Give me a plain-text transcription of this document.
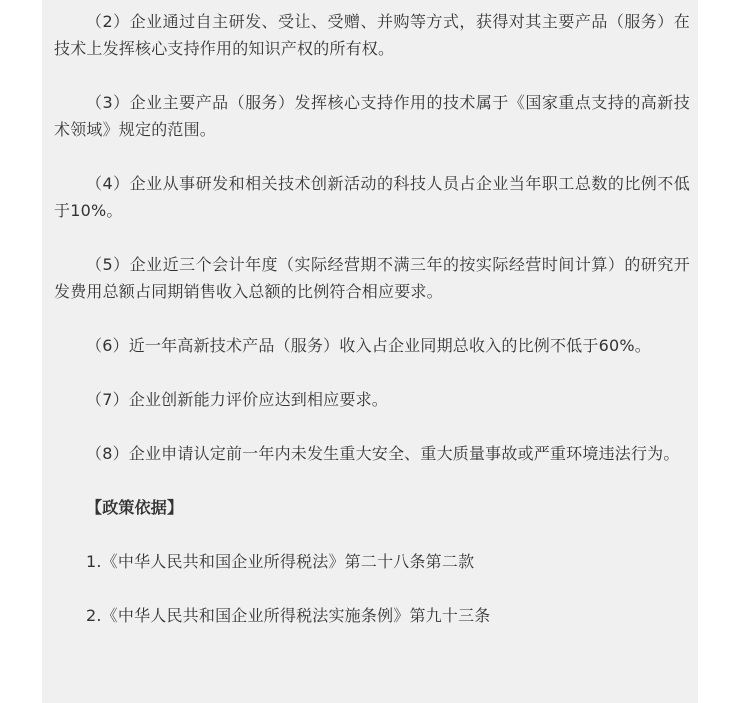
（2）企业通过自主研发、受让、受赠、并购等方式，获得对其主要产品（服务）在技术上发挥核心支持作用的知识产权的所有权。

（3）企业主要产品（服务）发挥核心支持作用的技术属于《国家重点支持的高新技术领域》规定的范围。

（4）企业从事研发和相关技术创新活动的科技人员占企业当年职工总数的比例不低于10%。

（5）企业近三个会计年度（实际经营期不满三年的按实际经营时间计算）的研究开发费用总额占同期销售收入总额的比例符合相应要求。

（6）近一年高新技术产品（服务）收入占企业同期总收入的比例不低于60%。

（7）企业创新能力评价应达到相应要求。

（8）企业申请认定前一年内未发生重大安全、重大质量事故或严重环境违法行为。

【政策依据】

1.《中华人民共和国企业所得税法》第二十八条第二款

2.《中华人民共和国企业所得税法实施条例》第九十三条
